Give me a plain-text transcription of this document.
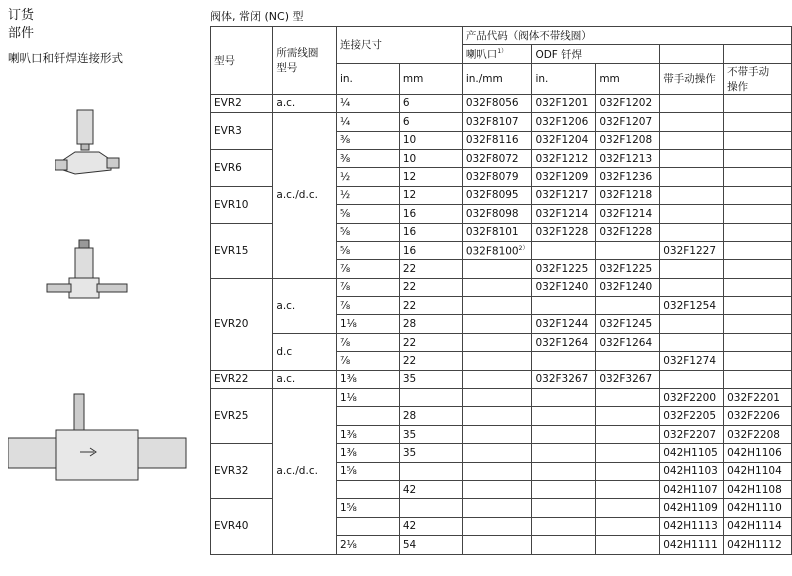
订货
部件
喇叭口和钎焊连接形式
阀体, 常闭 (NC) 型
型号	所需线圈
型号	连接尺寸		产品代码（阀体不带线圈）				
				喇叭口$^{1)}$	ODF 钎焊			
		in.	mm	in./mm	in.	mm	带手动操作	不带手动
操作
EVR2	a.c.	¼	6	032F8056	032F1201	032F1202		
EVR3	a.c./d.c.	¼	6	032F8107	032F1206	032F1207		
		⅜	10	032F8116	032F1204	032F1208		
EVR6		⅜	10	032F8072	032F1212	032F1213		
		½	12	032F8079	032F1209	032F1236		
EVR10		½	12	032F8095	032F1217	032F1218		
		⅝	16	032F8098	032F1214	032F1214		
EVR15		⅝	16	032F8101	032F1228	032F1228		
		⅝	16	$032F8100^{2)}$			032F1227	
		⅞	22		032F1225	032F1225		
EVR20	a.c.	⅞	22		032F1240	032F1240		
		⅞	22				032F1254	
		1⅛	28		032F1244	032F1245		
	d.c	⅞	22		032F1264	032F1264		
		⅞	22				032F1274	
EVR22	a.c.	1⅜	35		032F3267	032F3267		
EVR25	a.c./d.c.	1⅛					032F2200	032F2201
			28				032F2205	032F2206
		1⅜	35				032F2207	032F2208
EVR32		1⅜	35				042H1105	042H1106
		1⅝					042H1103	042H1104
			42				042H1107	042H1108
EVR40		1⅝					042H1109	042H1110
			42				042H1113	042H1114
		2⅛	54				042H1111	042H1112
